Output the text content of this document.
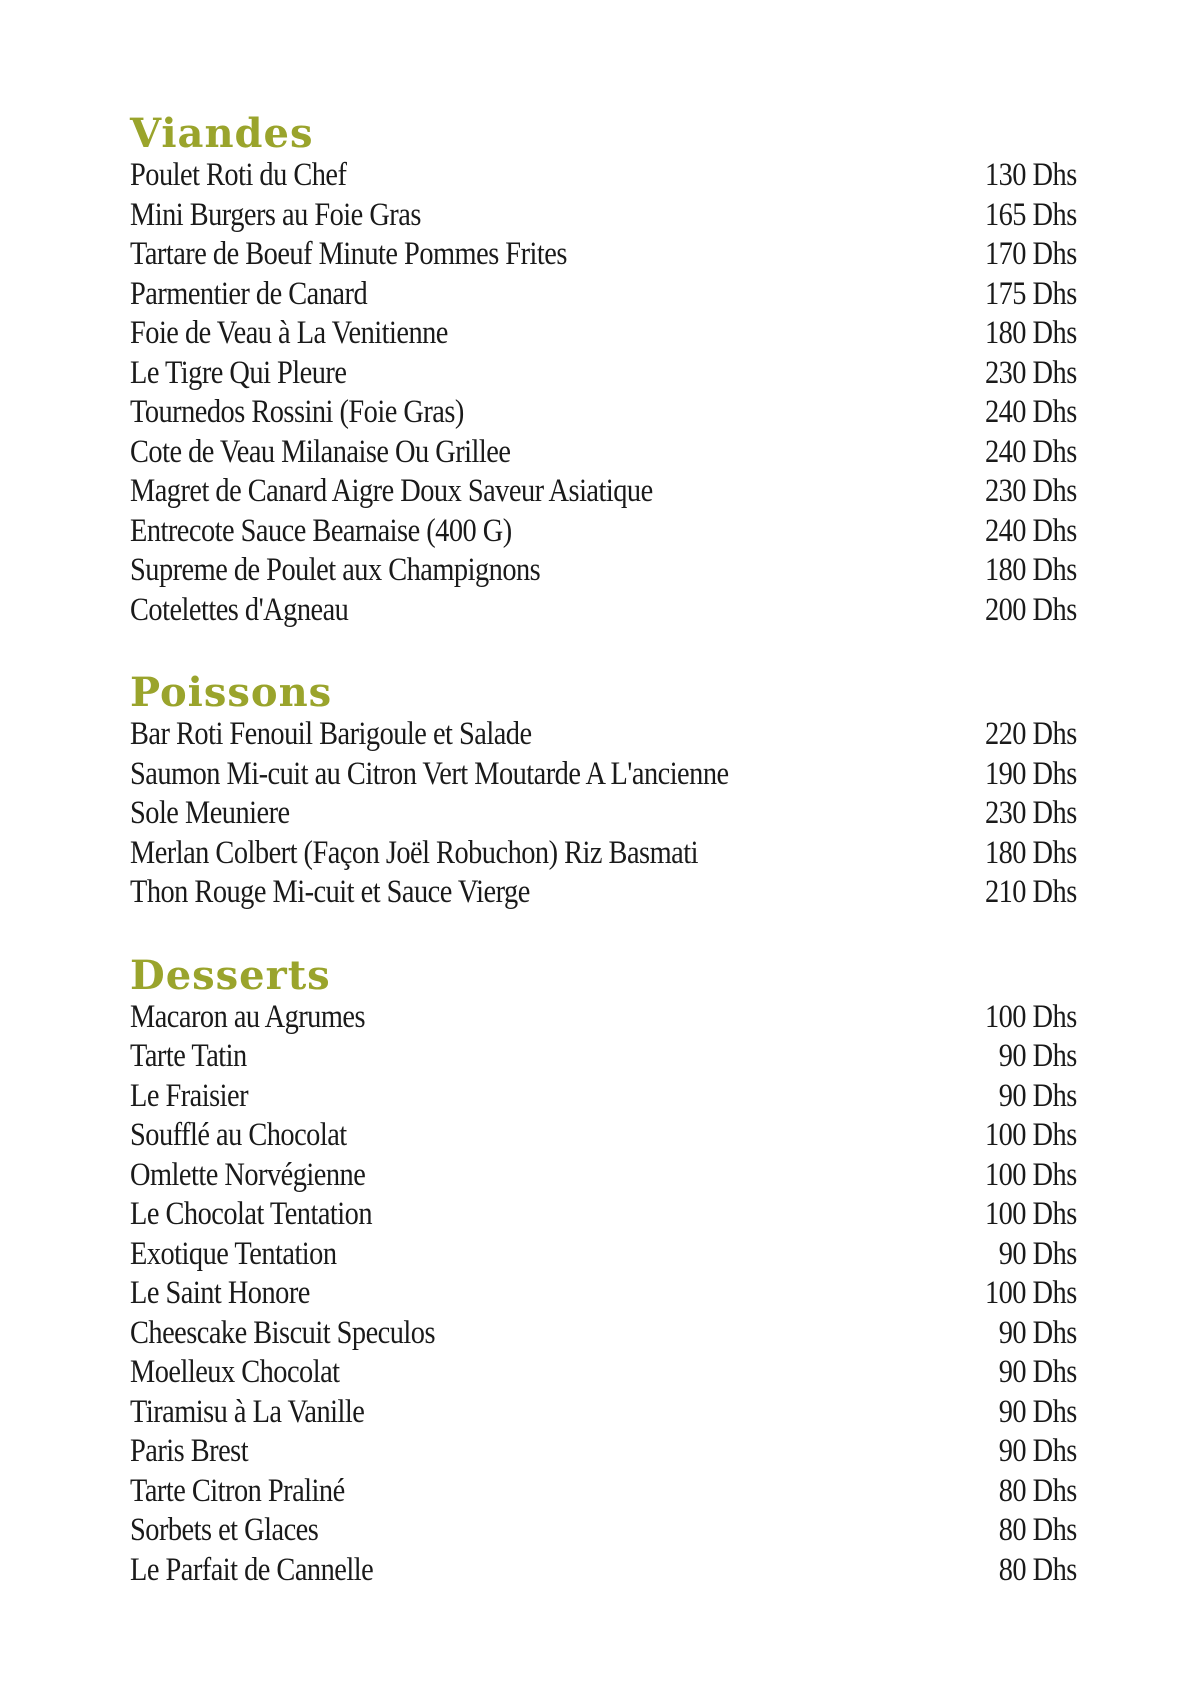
Viandes
Poulet Roti du Chef	130 Dhs
Mini Burgers au Foie Gras	165 Dhs
Tartare de Boeuf Minute Pommes Frites	170 Dhs
Parmentier de Canard	175 Dhs
Foie de Veau à La Venitienne	180 Dhs
Le Tigre Qui Pleure	230 Dhs
Tournedos Rossini (Foie Gras)	240 Dhs
Cote de Veau Milanaise Ou Grillee	240 Dhs
Magret de Canard Aigre Doux Saveur Asiatique	230 Dhs
Entrecote Sauce Bearnaise (400 G)	240 Dhs
Supreme de Poulet aux Champignons	180 Dhs
Cotelettes d'Agneau	200 Dhs
Poissons
Bar Roti Fenouil Barigoule et Salade	220 Dhs
Saumon Mi-cuit au Citron Vert Moutarde A L'ancienne	190 Dhs
Sole Meuniere	230 Dhs
Merlan Colbert (Façon Joël Robuchon) Riz Basmati	180 Dhs
Thon Rouge Mi-cuit et Sauce Vierge	210 Dhs
Desserts
Macaron au Agrumes	100 Dhs
Tarte Tatin	90 Dhs
Le Fraisier	90 Dhs
Soufflé au Chocolat	100 Dhs
Omlette Norvégienne	100 Dhs
Le Chocolat Tentation	100 Dhs
Exotique Tentation	90 Dhs
Le Saint Honore	100 Dhs
Cheescake Biscuit Speculos	90 Dhs
Moelleux Chocolat	90 Dhs
Tiramisu à La Vanille	90 Dhs
Paris Brest	90 Dhs
Tarte Citron Praliné	80 Dhs
Sorbets et Glaces	80 Dhs
Le Parfait de Cannelle	80 Dhs
